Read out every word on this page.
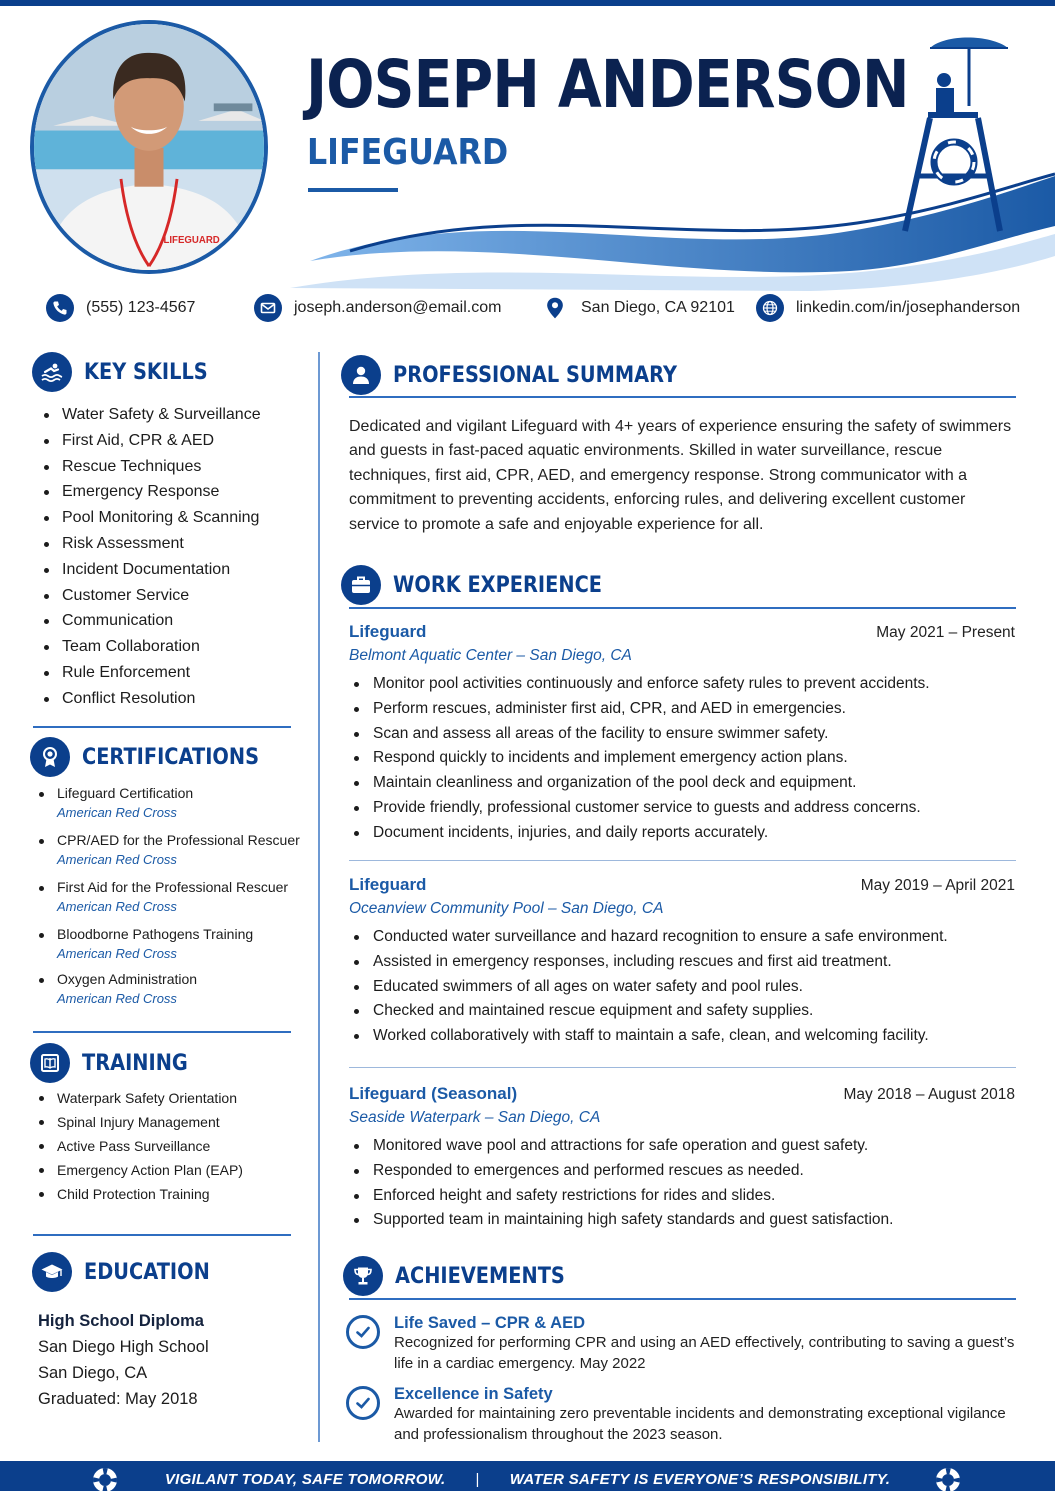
LIFEGUARD
JOSEPH ANDERSON
LIFEGUARD
(555) 123-4567	joseph.anderson@email.com	San Diego, CA 92101	linkedin.com/in/josephanderson
KEY SKILLS
Water Safety & Surveillance
First Aid, CPR & AED
Rescue Techniques
Emergency Response
Pool Monitoring & Scanning
Risk Assessment
Incident Documentation
Customer Service
Communication
Team Collaboration
Rule Enforcement
Conflict Resolution
CERTIFICATIONS
Lifeguard Certification
American Red Cross
CPR/AED for the Professional Rescuer
American Red Cross
First Aid for the Professional Rescuer
American Red Cross
Bloodborne Pathogens Training
American Red Cross
Oxygen Administration
American Red Cross
TRAINING
Waterpark Safety Orientation
Spinal Injury Management
Active Pass Surveillance
Emergency Action Plan (EAP)
Child Protection Training
EDUCATION
High School Diploma
San Diego High School
San Diego, CA
Graduated: May 2018
PROFESSIONAL SUMMARY
Dedicated and vigilant Lifeguard with 4+ years of experience ensuring the safety of swimmers and guests in fast-paced aquatic environments. Skilled in water surveillance, rescue techniques, first aid, CPR, AED, and emergency response. Strong communicator with a commitment to preventing accidents, enforcing rules, and delivering excellent customer service to promote a safe and enjoyable experience for all.
WORK EXPERIENCE
Lifeguard	May 2021 – Present
Belmont Aquatic Center – San Diego, CA
Monitor pool activities continuously and enforce safety rules to prevent accidents.
Perform rescues, administer first aid, CPR, and AED in emergencies.
Scan and assess all areas of the facility to ensure swimmer safety.
Respond quickly to incidents and implement emergency action plans.
Maintain cleanliness and organization of the pool deck and equipment.
Provide friendly, professional customer service to guests and address concerns.
Document incidents, injuries, and daily reports accurately.
Lifeguard	May 2019 – April 2021
Oceanview Community Pool – San Diego, CA
Conducted water surveillance and hazard recognition to ensure a safe environment.
Assisted in emergency responses, including rescues and first aid treatment.
Educated swimmers of all ages on water safety and pool rules.
Checked and maintained rescue equipment and safety supplies.
Worked collaboratively with staff to maintain a safe, clean, and welcoming facility.
Lifeguard (Seasonal)	May 2018 – August 2018
Seaside Waterpark – San Diego, CA
Monitored wave pool and attractions for safe operation and guest safety.
Responded to emergences and performed rescues as needed.
Enforced height and safety restrictions for rides and slides.
Supported team in maintaining high safety standards and guest satisfaction.
ACHIEVEMENTS
Life Saved – CPR & AED
Recognized for performing CPR and using an AED effectively, contributing to saving a guest’s life in a cardiac emergency. May 2022
Excellence in Safety
Awarded for maintaining zero preventable incidents and demonstrating exceptional vigilance and professionalism throughout the 2023 season.
VIGILANT TODAY, SAFE TOMORROW. | WATER SAFETY IS EVERYONE’S RESPONSIBILITY.
